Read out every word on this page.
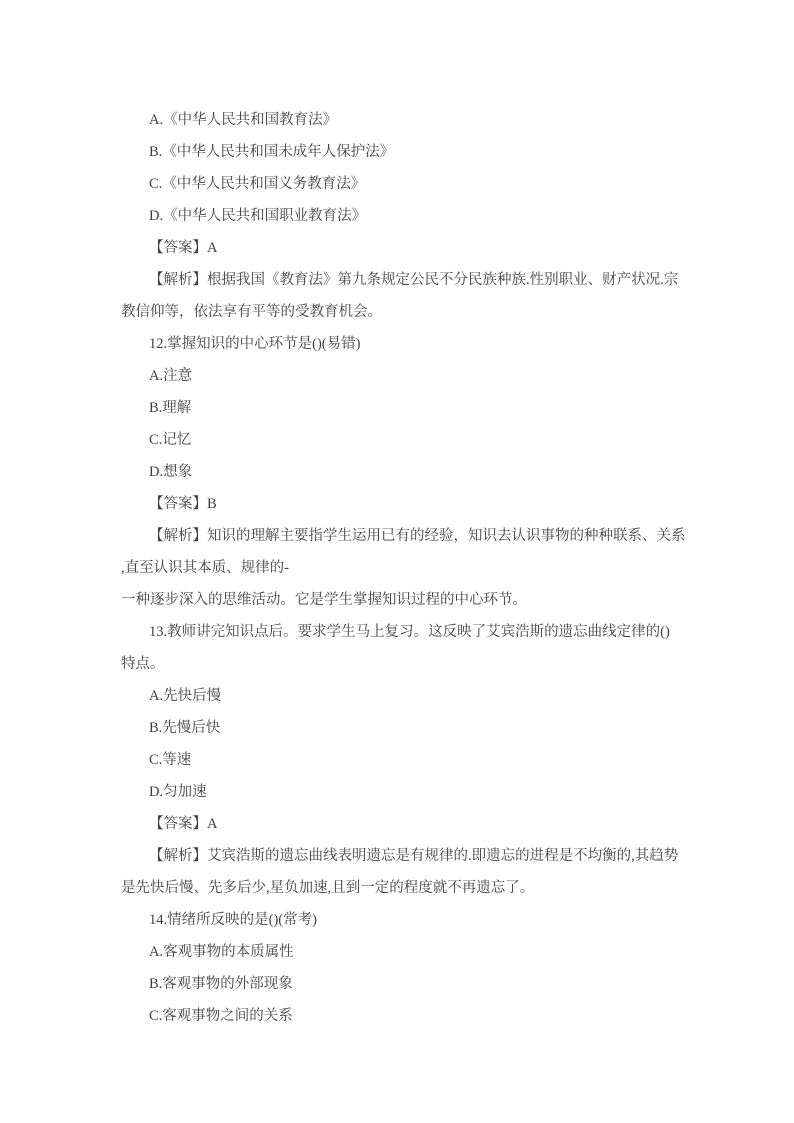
A.《中华人民共和国教育法》
B.《中华人民共和国未成年人保护法》
C.《中华人民共和国义务教育法》
D.《中华人民共和国职业教育法》
【答案】A
【解析】根据我国《教育法》第九条规定公民不分民族种族.性别职业、财产状况.宗
教信仰等，依法享有平等的受教育机会。
12.掌握知识的中心环节是()(易错)
A.注意
B.理解
C.记忆
D.想象
【答案】B
【解析】知识的理解主要指学生运用已有的经验，知识去认识事物的种种联系、关系
,直至认识其本质、规律的-
一种逐步深入的思维活动。它是学生掌握知识过程的中心环节。
13.教师讲完知识点后。要求学生马上复习。这反映了艾宾浩斯的遗忘曲线定律的()
特点。
A.先快后慢
B.先慢后快
C.等速
D.匀加速
【答案】A
【解析】艾宾浩斯的遗忘曲线表明遗忘是有规律的.即遗忘的进程是不均衡的,其趋势
是先快后慢、先多后少,星负加速,且到一定的程度就不再遗忘了。
14.情绪所反映的是()(常考)
A.客观事物的本质属性
B.客观事物的外部现象
C.客观事物之间的关系
